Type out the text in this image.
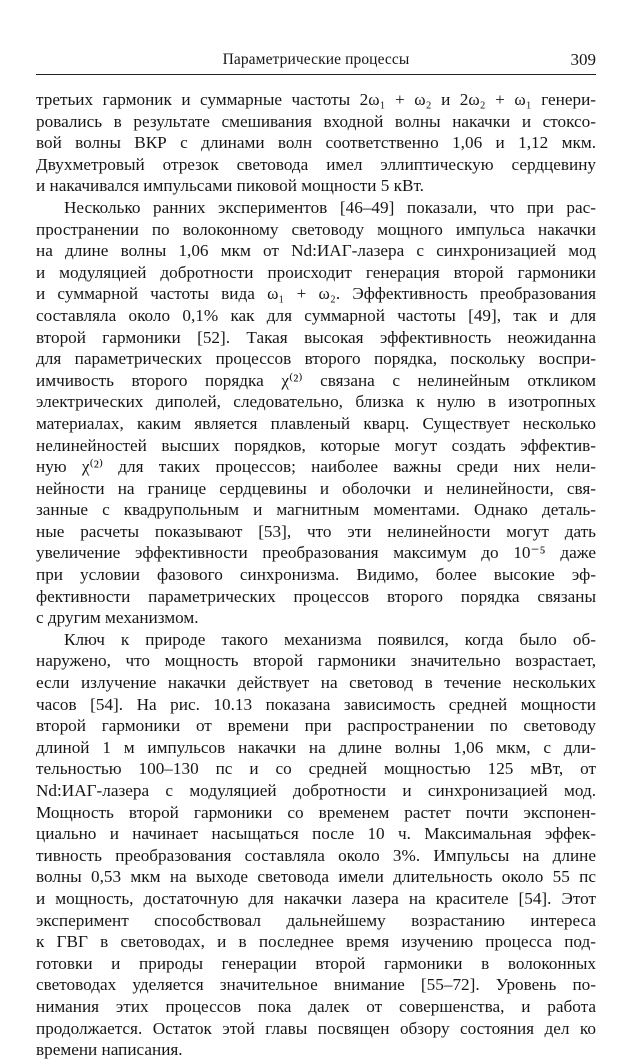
Параметрические процессы	309
третьих гармоник и суммарные частоты 2ω₁ + ω₂ и 2ω₂ + ω₁ генери-
ровались в результате смешивания входной волны накачки и стоксо-
вой волны ВКР с длинами волн соответственно 1,06 и 1,12 мкм.
Двухметровый отрезок световода имел эллиптическую сердцевину
и накачивался импульсами пиковой мощности 5 кВт.
Несколько ранних экспериментов [46–49] показали, что при рас-
пространении по волоконному световоду мощного импульса накачки
на длине волны 1,06 мкм от Nd:ИАГ-лазера с синхронизацией мод
и модуляцией добротности происходит генерация второй гармоники
и суммарной частоты вида ω₁ + ω₂. Эффективность преобразования
составляла около 0,1% как для суммарной частоты [49], так и для
второй гармоники [52]. Такая высокая эффективность неожиданна
для параметрических процессов второго порядка, поскольку воспри-
имчивость второго порядка χ⁽²⁾ связана с нелинейным откликом
электрических диполей, следовательно, близка к нулю в изотропных
материалах, каким является плавленый кварц. Существует несколько
нелинейностей высших порядков, которые могут создать эффектив-
ную χ⁽²⁾ для таких процессов; наиболее важны среди них нели-
нейности на границе сердцевины и оболочки и нелинейности, свя-
занные с квадрупольным и магнитным моментами. Однако деталь-
ные расчеты показывают [53], что эти нелинейности могут дать
увеличение эффективности преобразования максимум до 10⁻⁵ даже
при условии фазового синхронизма. Видимо, более высокие эф-
фективности параметрических процессов второго порядка связаны
с другим механизмом.
Ключ к природе такого механизма появился, когда было об-
наружено, что мощность второй гармоники значительно возрастает,
если излучение накачки действует на световод в течение нескольких
часов [54]. На рис. 10.13 показана зависимость средней мощности
второй гармоники от времени при распространении по световоду
длиной 1 м импульсов накачки на длине волны 1,06 мкм, с дли-
тельностью 100–130 пс и со средней мощностью 125 мВт, от
Nd:ИАГ-лазера с модуляцией добротности и синхронизацией мод.
Мощность второй гармоники со временем растет почти экспонен-
циально и начинает насыщаться после 10 ч. Максимальная эффек-
тивность преобразования составляла около 3%. Импульсы на длине
волны 0,53 мкм на выходе световода имели длительность около 55 пс
и мощность, достаточную для накачки лазера на красителе [54]. Этот
эксперимент способствовал дальнейшему возрастанию интереса
к ГВГ в световодах, и в последнее время изучению процесса под-
готовки и природы генерации второй гармоники в волоконных
световодах уделяется значительное внимание [55–72]. Уровень по-
нимания этих процессов пока далек от совершенства, и работа
продолжается. Остаток этой главы посвящен обзору состояния дел ко
времени написания.
